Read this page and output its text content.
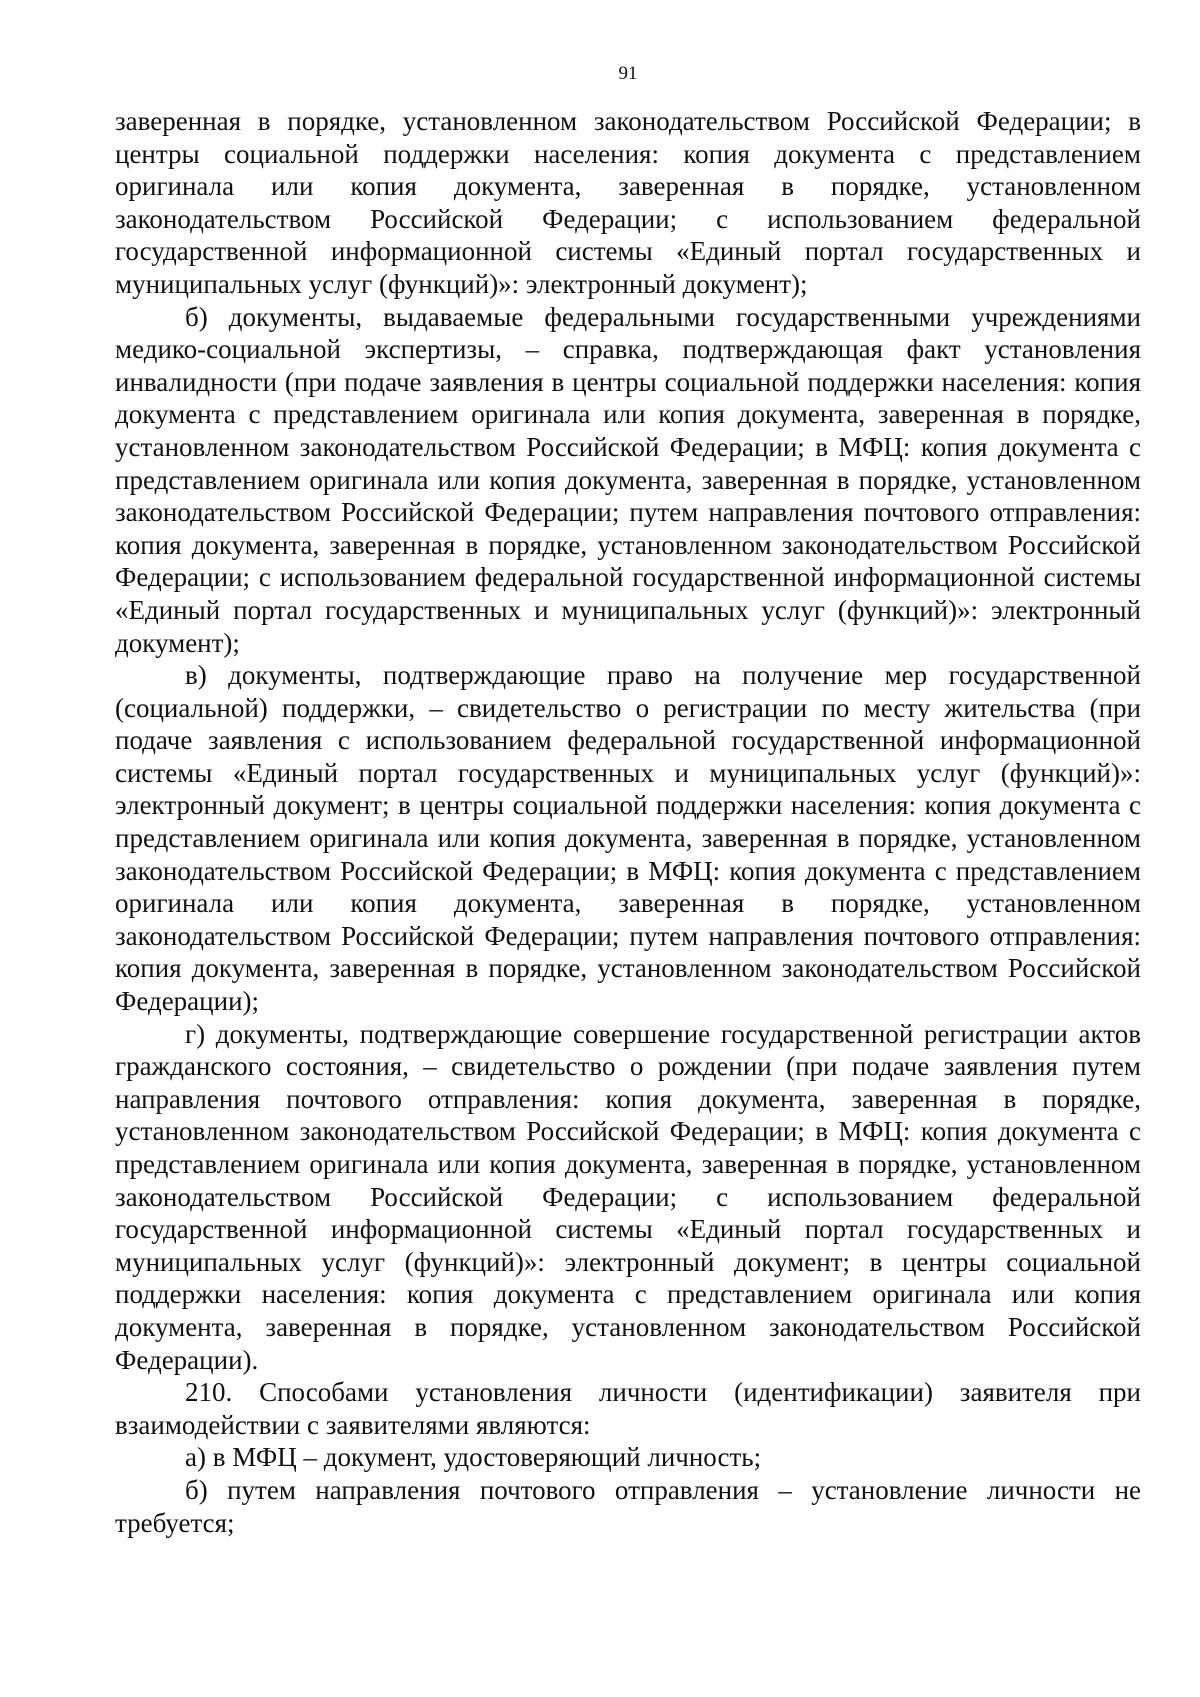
91

заверенная в порядке, установленном законодательством Российской Федерации; в центры социальной поддержки населения: копия документа с представлением оригинала или копия документа, заверенная в порядке, установленном законодательством Российской Федерации; с использованием федеральной государственной информационной системы «Единый портал государственных и муниципальных услуг (функций)»: электронный документ);

б) документы, выдаваемые федеральными государственными учреждениями медико-социальной экспертизы, – справка, подтверждающая факт установления инвалидности (при подаче заявления в центры социальной поддержки населения: копия документа с представлением оригинала или копия документа, заверенная в порядке, установленном законодательством Российской Федерации; в МФЦ: копия документа с представлением оригинала или копия документа, заверенная в порядке, установленном законодательством Российской Федерации; путем направления почтового отправления: копия документа, заверенная в порядке, установленном законодательством Российской Федерации; с использованием федеральной государственной информационной системы «Единый портал государственных и муниципальных услуг (функций)»: электронный документ);

в) документы, подтверждающие право на получение мер государственной (социальной) поддержки, – свидетельство о регистрации по месту жительства (при подаче заявления с использованием федеральной государственной информационной системы «Единый портал государственных и муниципальных услуг (функций)»: электронный документ; в центры социальной поддержки населения: копия документа с представлением оригинала или копия документа, заверенная в порядке, установленном законодательством Российской Федерации; в МФЦ: копия документа с представлением оригинала или копия документа, заверенная в порядке, установленном законодательством Российской Федерации; путем направления почтового отправления: копия документа, заверенная в порядке, установленном законодательством Российской Федерации);

г) документы, подтверждающие совершение государственной регистрации актов гражданского состояния, – свидетельство о рождении (при подаче заявления путем направления почтового отправления: копия документа, заверенная в порядке, установленном законодательством Российской Федерации; в МФЦ: копия документа с представлением оригинала или копия документа, заверенная в порядке, установленном законодательством Российской Федерации; с использованием федеральной государственной информационной системы «Единый портал государственных и муниципальных услуг (функций)»: электронный документ; в центры социальной поддержки населения: копия документа с представлением оригинала или копия документа, заверенная в порядке, установленном законодательством Российской Федерации).

210. Способами установления личности (идентификации) заявителя при взаимодействии с заявителями являются:

а) в МФЦ – документ, удостоверяющий личность;

б) путем направления почтового отправления – установление личности не требуется;
